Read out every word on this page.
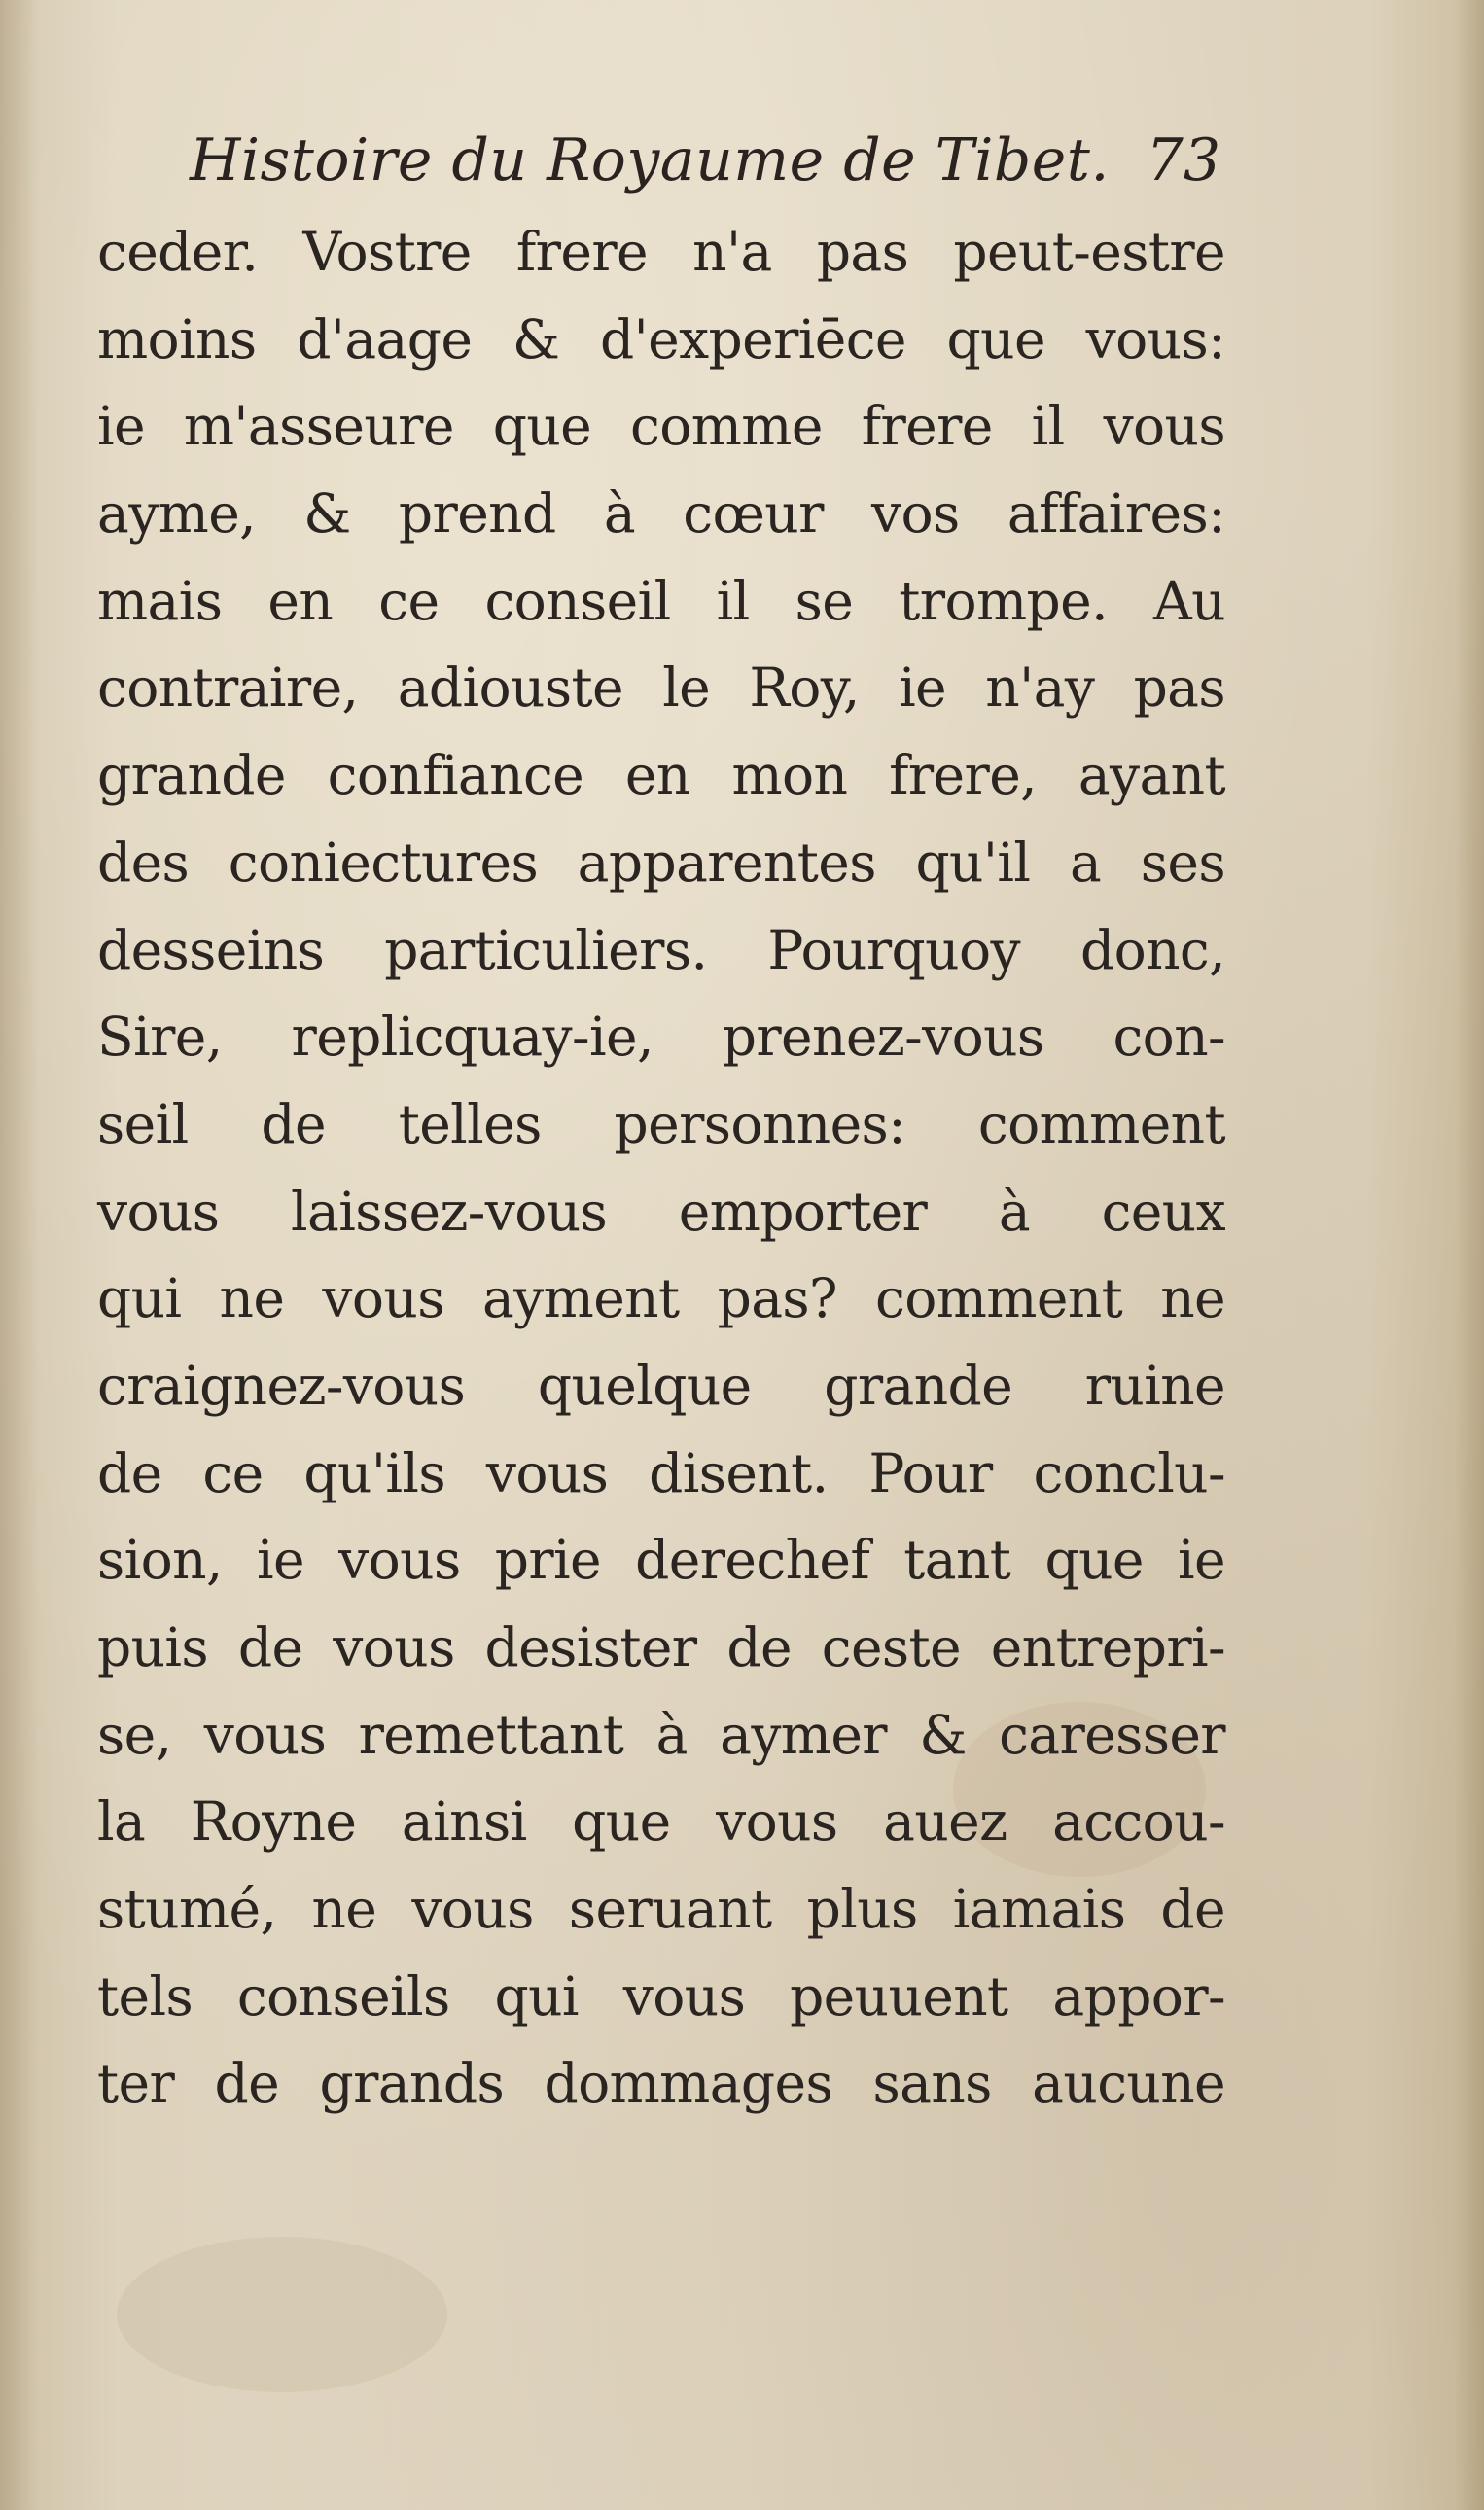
Histoire du Royaume de Tibet. 73
ceder. Vostre frere n'a pas peut-estre
moins d'aage & d'experiēce que vous:
ie m'asseure que comme frere il vous
ayme, & prend à cœur vos affaires:
mais en ce conseil il se trompe. Au
contraire, adiouste le Roy, ie n'ay pas
grande confiance en mon frere, ayant
des coniectures apparentes qu'il a ses
desseins particuliers. Pourquoy donc,
Sire, replicquay-ie, prenez-vous con-
seil de telles personnes: comment
vous laissez-vous emporter à ceux
qui ne vous ayment pas? comment ne
craignez-vous quelque grande ruine
de ce qu'ils vous disent. Pour conclu-
sion, ie vous prie derechef tant que ie
puis de vous desister de ceste entrepri-
se, vous remettant à aymer & caresser
la Royne ainsi que vous auez accou-
stumé, ne vous seruant plus iamais de
tels conseils qui vous peuuent appor-
ter de grands dommages sans aucune
